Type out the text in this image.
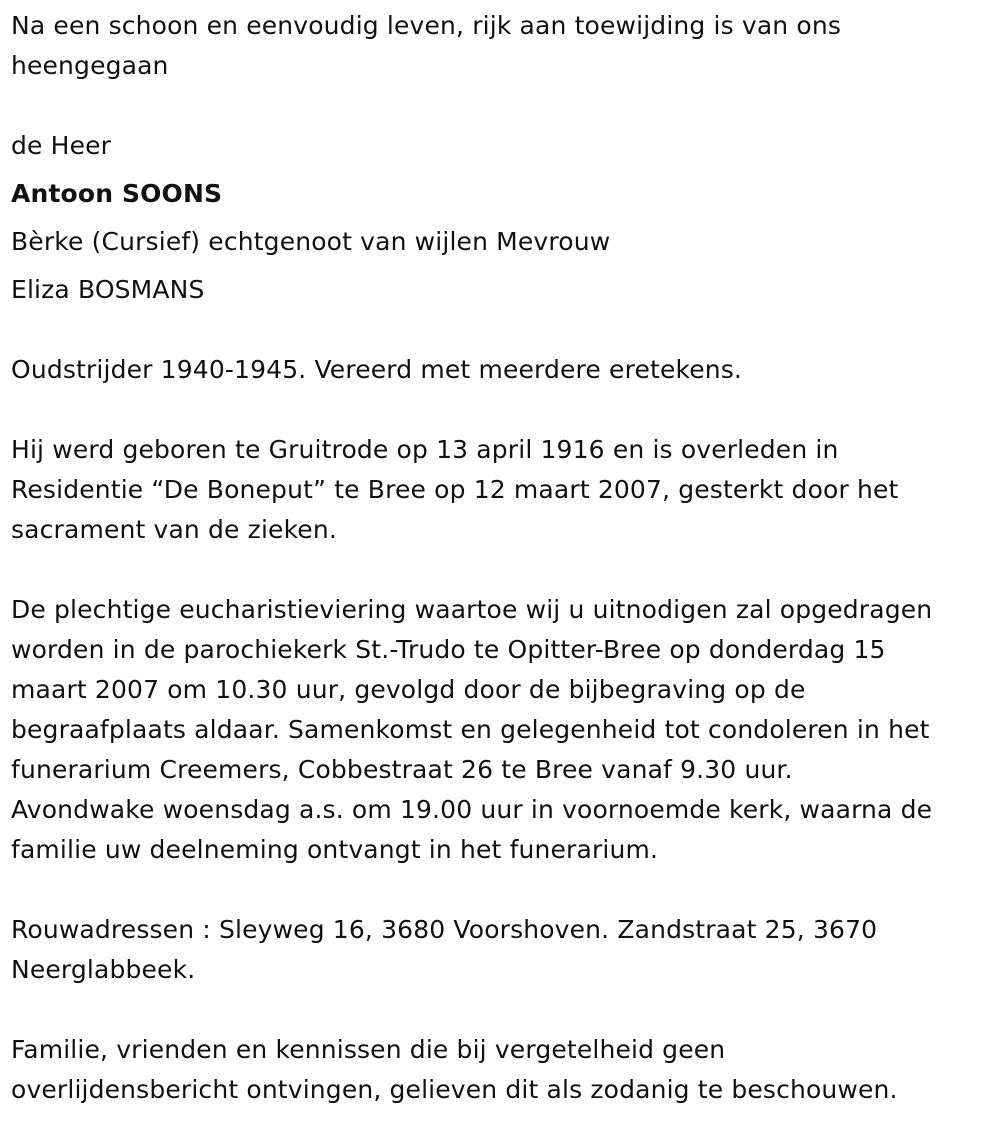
Na een schoon en eenvoudig leven, rijk aan toewijding is van ons
heengegaan
de Heer
Antoon SOONS
Bèrke (Cursief) echtgenoot van wijlen Mevrouw
Eliza BOSMANS
Oudstrijder 1940-1945. Vereerd met meerdere eretekens.
Hij werd geboren te Gruitrode op 13 april 1916 en is overleden in
Residentie “De Boneput” te Bree op 12 maart 2007, gesterkt door het
sacrament van de zieken.
De plechtige eucharistieviering waartoe wij u uitnodigen zal opgedragen
worden in de parochiekerk St.-Trudo te Opitter-Bree op donderdag 15
maart 2007 om 10.30 uur, gevolgd door de bijbegraving op de
begraafplaats aldaar. Samenkomst en gelegenheid tot condoleren in het
funerarium Creemers, Cobbestraat 26 te Bree vanaf 9.30 uur.
Avondwake woensdag a.s. om 19.00 uur in voornoemde kerk, waarna de
familie uw deelneming ontvangt in het funerarium.
Rouwadressen : Sleyweg 16, 3680 Voorshoven. Zandstraat 25, 3670
Neerglabbeek.
Familie, vrienden en kennissen die bij vergetelheid geen
overlijdensbericht ontvingen, gelieven dit als zodanig te beschouwen.
